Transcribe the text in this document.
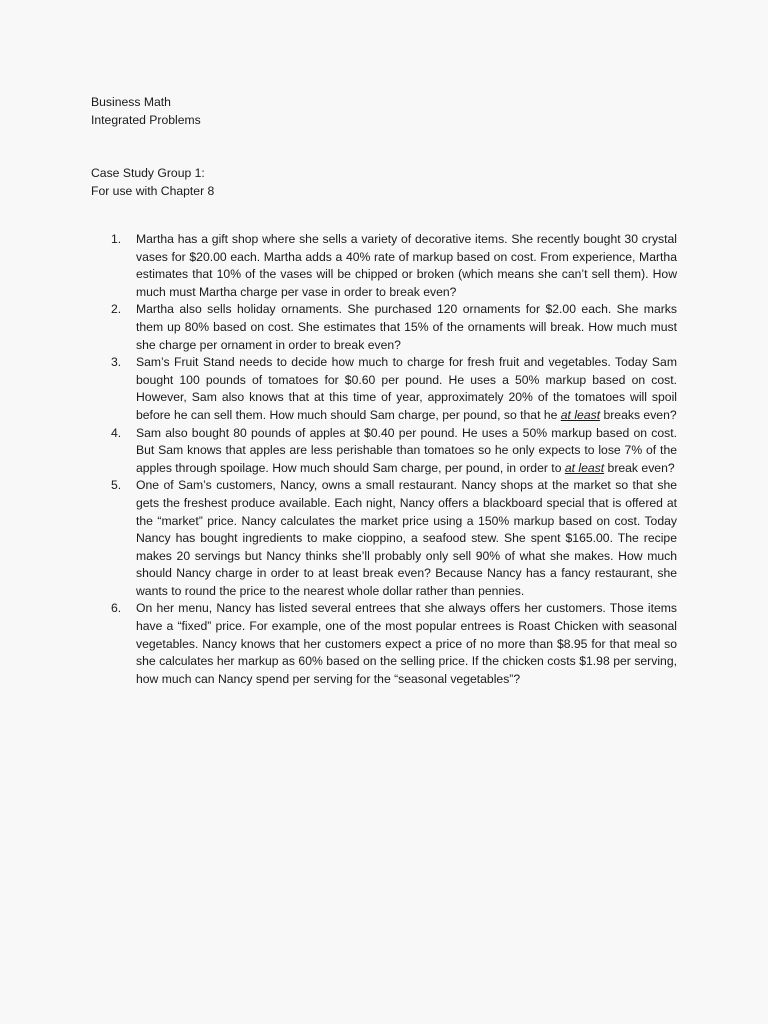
Business Math
Integrated Problems
Case Study Group 1:
For use with Chapter 8
1. Martha has a gift shop where she sells a variety of decorative items. She recently bought 30 crystal vases for $20.00 each. Martha adds a 40% rate of markup based on cost. From experience, Martha estimates that 10% of the vases will be chipped or broken (which means she can’t sell them). How much must Martha charge per vase in order to break even?
2. Martha also sells holiday ornaments. She purchased 120 ornaments for $2.00 each. She marks them up 80% based on cost. She estimates that 15% of the ornaments will break. How much must she charge per ornament in order to break even?
3. Sam’s Fruit Stand needs to decide how much to charge for fresh fruit and vegetables. Today Sam bought 100 pounds of tomatoes for $0.60 per pound. He uses a 50% markup based on cost. However, Sam also knows that at this time of year, approximately 20% of the tomatoes will spoil before he can sell them. How much should Sam charge, per pound, so that he at least breaks even?
4. Sam also bought 80 pounds of apples at $0.40 per pound. He uses a 50% markup based on cost. But Sam knows that apples are less perishable than tomatoes so he only expects to lose 7% of the apples through spoilage. How much should Sam charge, per pound, in order to at least break even?
5. One of Sam’s customers, Nancy, owns a small restaurant. Nancy shops at the market so that she gets the freshest produce available. Each night, Nancy offers a blackboard special that is offered at the “market” price. Nancy calculates the market price using a 150% markup based on cost. Today Nancy has bought ingredients to make cioppino, a seafood stew. She spent $165.00. The recipe makes 20 servings but Nancy thinks she’ll probably only sell 90% of what she makes. How much should Nancy charge in order to at least break even? Because Nancy has a fancy restaurant, she wants to round the price to the nearest whole dollar rather than pennies.
6. On her menu, Nancy has listed several entrees that she always offers her customers. Those items have a “fixed” price. For example, one of the most popular entrees is Roast Chicken with seasonal vegetables. Nancy knows that her customers expect a price of no more than $8.95 for that meal so she calculates her markup as 60% based on the selling price. If the chicken costs $1.98 per serving, how much can Nancy spend per serving for the “seasonal vegetables”?
